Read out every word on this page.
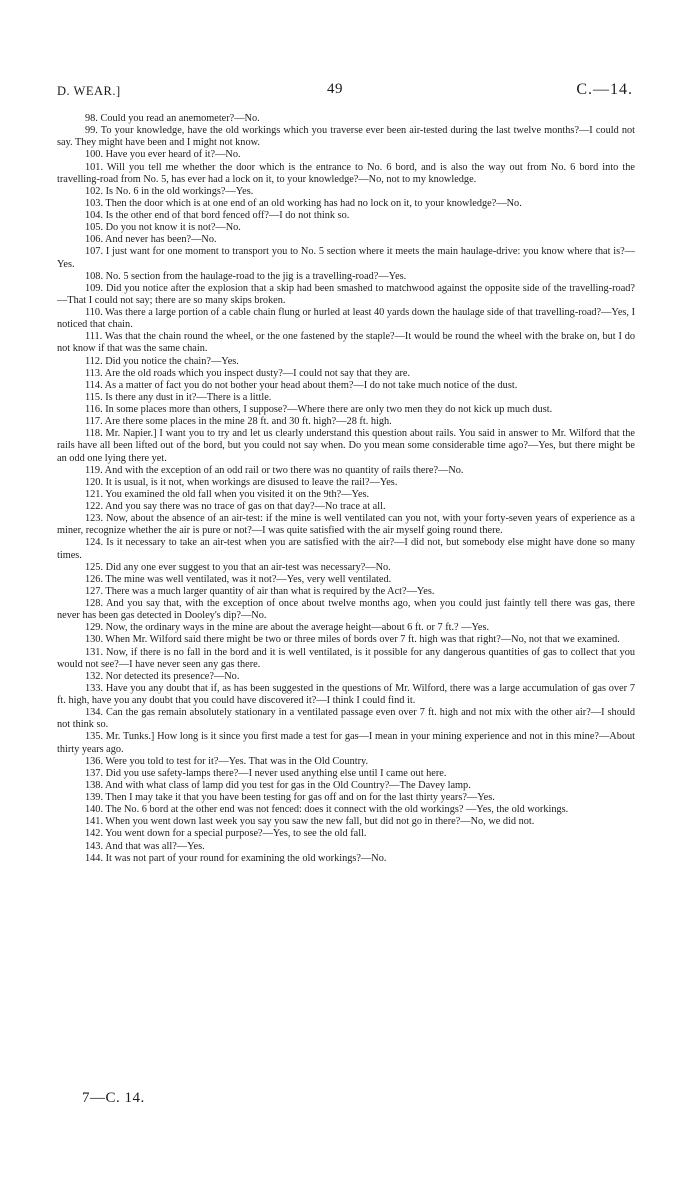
D. WEAR.]	49	C.—14.

98. Could you read an anemometer?—No.

99. To your knowledge, have the old workings which you traverse ever been air-tested during the last twelve months?—I could not say. They might have been and I might not know.

100. Have you ever heard of it?—No.

101. Will you tell me whether the door which is the entrance to No. 6 bord, and is also the way out from No. 6 bord into the travelling-road from No. 5, has ever had a lock on it, to your knowledge?—No, not to my knowledge.

102. Is No. 6 in the old workings?—Yes.

103. Then the door which is at one end of an old working has had no lock on it, to your knowledge?—No.

104. Is the other end of that bord fenced off?—I do not think so.

105. Do you not know it is not?—No.

106. And never has been?—No.

107. I just want for one moment to transport you to No. 5 section where it meets the main haulage-drive: you know where that is?—Yes.

108. No. 5 section from the haulage-road to the jig is a travelling-road?—Yes.

109. Did you notice after the explosion that a skip had been smashed to matchwood against the opposite side of the travelling-road?—That I could not say; there are so many skips broken.

110. Was there a large portion of a cable chain flung or hurled at least 40 yards down the haulage side of that travelling-road?—Yes, I noticed that chain.

111. Was that the chain round the wheel, or the one fastened by the staple?—It would be round the wheel with the brake on, but I do not know if that was the same chain.

112. Did you notice the chain?—Yes.

113. Are the old roads which you inspect dusty?—I could not say that they are.

114. As a matter of fact you do not bother your head about them?—I do not take much notice of the dust.

115. Is there any dust in it?—There is a little.

116. In some places more than others, I suppose?—Where there are only two men they do not kick up much dust.

117. Are there some places in the mine 28 ft. and 30 ft. high?—28 ft. high.

118. Mr. Napier.] I want you to try and let us clearly understand this question about rails. You said in answer to Mr. Wilford that the rails have all been lifted out of the bord, but you could not say when. Do you mean some considerable time ago?—Yes, but there might be an odd one lying there yet.

119. And with the exception of an odd rail or two there was no quantity of rails there?—No.

120. It is usual, is it not, when workings are disused to leave the rail?—Yes.

121. You examined the old fall when you visited it on the 9th?—Yes.

122. And you say there was no trace of gas on that day?—No trace at all.

123. Now, about the absence of an air-test: if the mine is well ventilated can you not, with your forty-seven years of experience as a miner, recognize whether the air is pure or not?—I was quite satisfied with the air myself going round there.

124. Is it necessary to take an air-test when you are satisfied with the air?—I did not, but somebody else might have done so many times.

125. Did any one ever suggest to you that an air-test was necessary?—No.

126. The mine was well ventilated, was it not?—Yes, very well ventilated.

127. There was a much larger quantity of air than what is required by the Act?—Yes.

128. And you say that, with the exception of once about twelve months ago, when you could just faintly tell there was gas, there never has been gas detected in Dooley's dip?—No.

129. Now, the ordinary ways in the mine are about the average height—about 6 ft. or 7 ft.? —Yes.

130. When Mr. Wilford said there might be two or three miles of bords over 7 ft. high was that right?—No, not that we examined.

131. Now, if there is no fall in the bord and it is well ventilated, is it possible for any dangerous quantities of gas to collect that you would not see?—I have never seen any gas there.

132. Nor detected its presence?—No.

133. Have you any doubt that if, as has been suggested in the questions of Mr. Wilford, there was a large accumulation of gas over 7 ft. high, have you any doubt that you could have discovered it?—I think I could find it.

134. Can the gas remain absolutely stationary in a ventilated passage even over 7 ft. high and not mix with the other air?—I should not think so.

135. Mr. Tunks.] How long is it since you first made a test for gas—I mean in your mining experience and not in this mine?—About thirty years ago.

136. Were you told to test for it?—Yes. That was in the Old Country.

137. Did you use safety-lamps there?—I never used anything else until I came out here.

138. And with what class of lamp did you test for gas in the Old Country?—The Davey lamp.

139. Then I may take it that you have been testing for gas off and on for the last thirty years?—Yes.

140. The No. 6 bord at the other end was not fenced: does it connect with the old workings? —Yes, the old workings.

141. When you went down last week you say you saw the new fall, but did not go in there?—No, we did not.

142. You went down for a special purpose?—Yes, to see the old fall.

143. And that was all?—Yes.

144. It was not part of your round for examining the old workings?—No.

7—C. 14.
